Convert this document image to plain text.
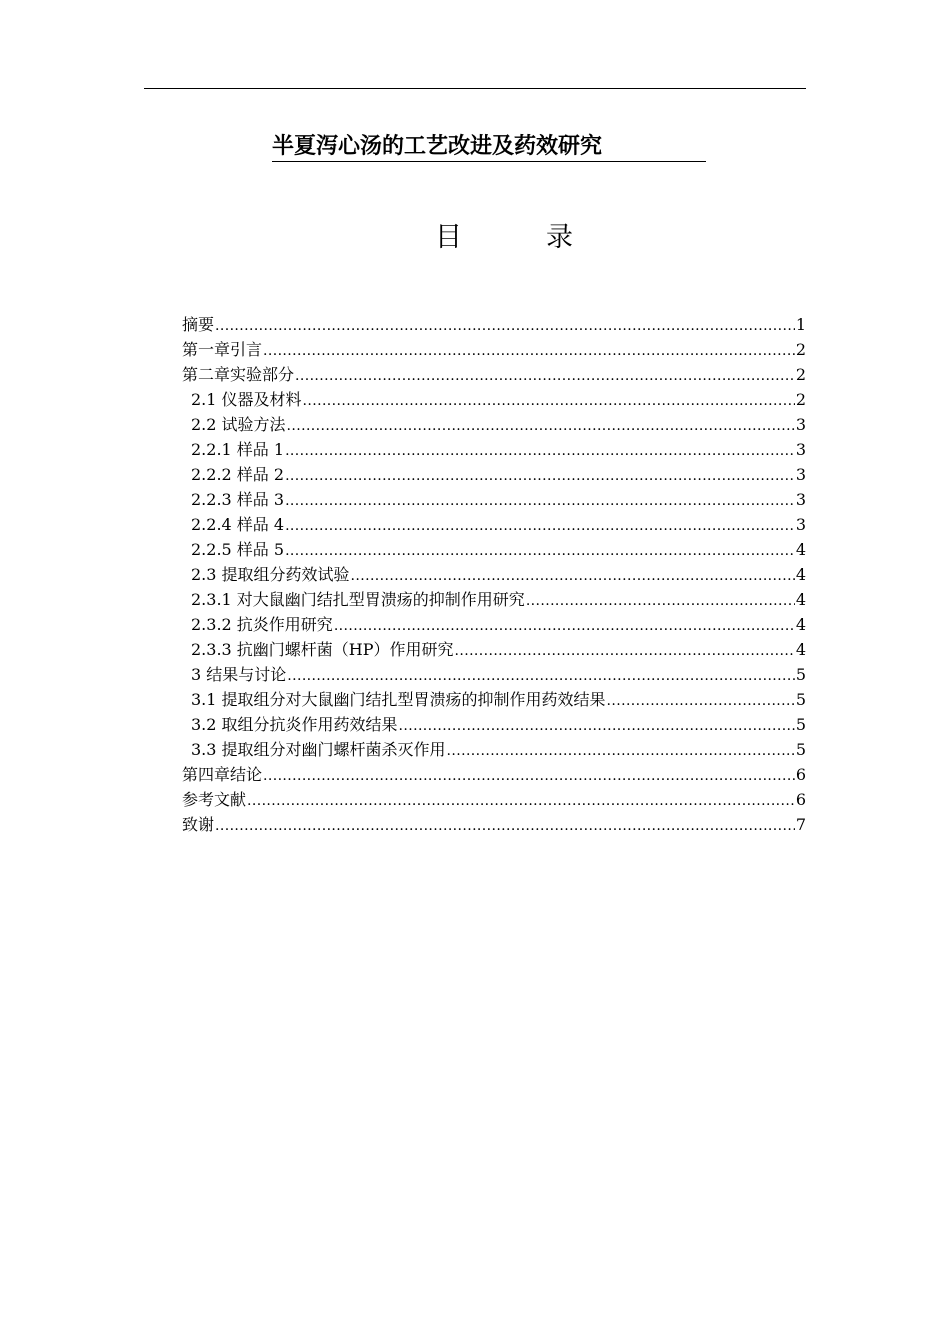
半夏泻心汤的工艺改进及药效研究
目	录
摘要 .....	1
第一章引言 .....	2
第二章实验部分 .....	2
2.1 仪器及材料 .....	2
2.2 试验方法 .....	3
2.2.1 样品 1 .....	3
2.2.2 样品 2 .....	3
2.2.3 样品 3 .....	3
2.2.4 样品 4 .....	3
2.2.5 样品 5 .....	4
2.3 提取组分药效试验 .....	4
2.3.1 对大鼠幽门结扎型胃溃疡的抑制作用研究 .....	4
2.3.2 抗炎作用研究 .....	4
2.3.3 抗幽门螺杆菌（HP）作用研究 .....	4
3 结果与讨论 .....	5
3.1 提取组分对大鼠幽门结扎型胃溃疡的抑制作用药效结果 .....	5
3.2 取组分抗炎作用药效结果 .....	5
3.3 提取组分对幽门螺杆菌杀灭作用 .....	5
第四章结论 .....	6
参考文献 .....	6
致谢 .....	7
